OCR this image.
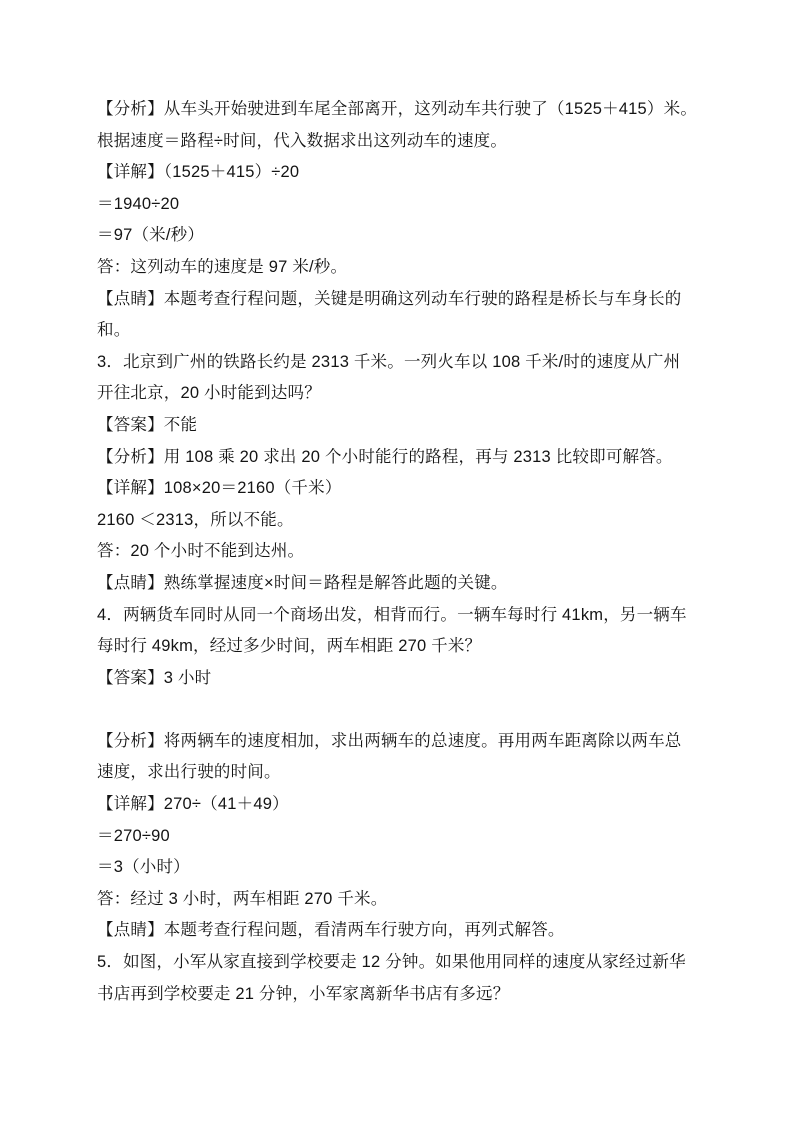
【分析】从车头开始驶进到车尾全部离开，这列动车共行驶了（1525＋415）米。
根据速度＝路程÷时间，代入数据求出这列动车的速度。
【详解】（1525＋415）÷20
＝1940÷20
＝97（米/秒）
答：这列动车的速度是 97 米/秒。
【点睛】本题考查行程问题，关键是明确这列动车行驶的路程是桥长与车身长的
和。
3．北京到广州的铁路长约是 2313 千米。一列火车以 108 千米/时的速度从广州
开往北京，20 小时能到达吗？
【答案】不能
【分析】用 108 乘 20 求出 20 个小时能行的路程，再与 2313 比较即可解答。
【详解】108×20＝2160（千米）
2160 ＜2313，所以不能。
答：20 个小时不能到达州。
【点睛】熟练掌握速度×时间＝路程是解答此题的关键。
4．两辆货车同时从同一个商场出发，相背而行。一辆车每时行 41km，另一辆车
每时行 49km，经过多少时间，两车相距 270 千米？
【答案】3 小时
【分析】将两辆车的速度相加，求出两辆车的总速度。再用两车距离除以两车总
速度，求出行驶的时间。
【详解】270÷（41＋49）
＝270÷90
＝3（小时）
答：经过 3 小时，两车相距 270 千米。
【点睛】本题考查行程问题，看清两车行驶方向，再列式解答。
5．如图，小军从家直接到学校要走 12 分钟。如果他用同样的速度从家经过新华
书店再到学校要走 21 分钟，小军家离新华书店有多远？
